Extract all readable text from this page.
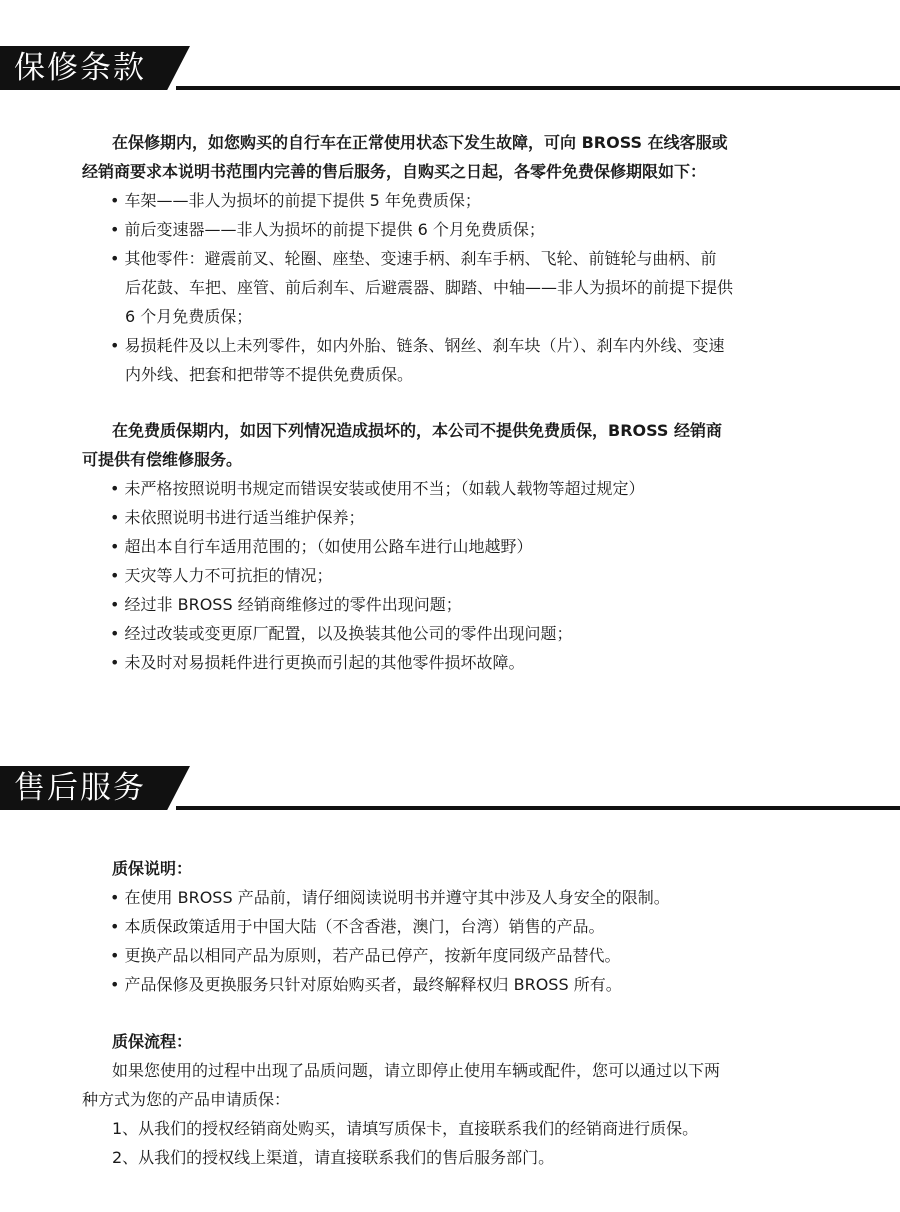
保修条款
在保修期内，如您购买的自行车在正常使用状态下发生故障，可向 BROSS 在线客服或
经销商要求本说明书范围内完善的售后服务，自购买之日起，各零件免费保修期限如下：
• 车架——非人为损坏的前提下提供 5 年免费质保；
• 前后变速器——非人为损坏的前提下提供 6 个月免费质保；
• 其他零件：避震前叉、轮圈、座垫、变速手柄、刹车手柄、飞轮、前链轮与曲柄、前
后花鼓、车把、座管、前后刹车、后避震器、脚踏、中轴——非人为损坏的前提下提供
6 个月免费质保；
• 易损耗件及以上未列零件，如内外胎、链条、钢丝、刹车块（片）、刹车内外线、变速
内外线、把套和把带等不提供免费质保。
在免费质保期内，如因下列情况造成损坏的，本公司不提供免费质保，BROSS 经销商
可提供有偿维修服务。
• 未严格按照说明书规定而错误安装或使用不当；（如载人载物等超过规定）
• 未依照说明书进行适当维护保养；
• 超出本自行车适用范围的；（如使用公路车进行山地越野）
• 天灾等人力不可抗拒的情况；
• 经过非 BROSS 经销商维修过的零件出现问题；
• 经过改装或变更原厂配置，以及换装其他公司的零件出现问题；
• 未及时对易损耗件进行更换而引起的其他零件损坏故障。
售后服务
质保说明：
• 在使用 BROSS 产品前，请仔细阅读说明书并遵守其中涉及人身安全的限制。
• 本质保政策适用于中国大陆（不含香港，澳门，台湾）销售的产品。
• 更换产品以相同产品为原则，若产品已停产，按新年度同级产品替代。
• 产品保修及更换服务只针对原始购买者，最终解释权归 BROSS 所有。
质保流程：
如果您使用的过程中出现了品质问题，请立即停止使用车辆或配件，您可以通过以下两
种方式为您的产品申请质保：
1、从我们的授权经销商处购买，请填写质保卡，直接联系我们的经销商进行质保。
2、从我们的授权线上渠道，请直接联系我们的售后服务部门。
